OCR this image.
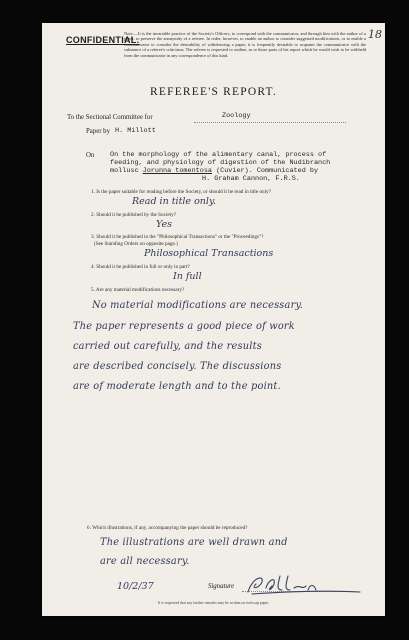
CONFIDENTIAL.
Note.—It is the invariable practice of the Society's Officers, to correspond with the communicator, and through him with the author of a paper, to preserve the anonymity of a referee. In order, however, to enable an author to consider suggested modifications, or to enable a communicator to consider the desirability of withdrawing a paper, it is frequently desirable to acquaint the communicator with the substance of a referee's criticisms. The referee is requested to outline, as to those parts of his report which he would wish to be withheld from the communicator in any correspondence of this kind.
18
REFEREE'S REPORT.
To the Sectional Committee for	Zoology
Paper by H. Millott
On On the morphology of the alimentary canal, process of
feeding, and physiology of digestion of the Nudibranch
mollusc Jorunna tomentosa (Cuvier). Communicated by
H. Graham Cannon, F.R.S.
1. Is the paper suitable for reading before the Society, or should it be read in title only?
Read in title only.
2. Should it be published by the Society?
Yes
3. Should it be published in the "Philosophical Transactions" or the "Proceedings"?
(See Standing Orders on opposite page.)
Philosophical Transactions
4. Should it be published in full or only in part?
In full
5. Are any material modifications necessary?
No material modifications are necessary.
The paper represents a good piece of work
carried out carefully, and the results
are described concisely. The discussions
are of moderate length and to the point.
6. Which illustrations, if any, accompanying the paper should be reproduced?
The illustrations are well drawn and
are all necessary.
10/2/37	Signature
It is requested that any further remarks may be written on foolscap paper.
